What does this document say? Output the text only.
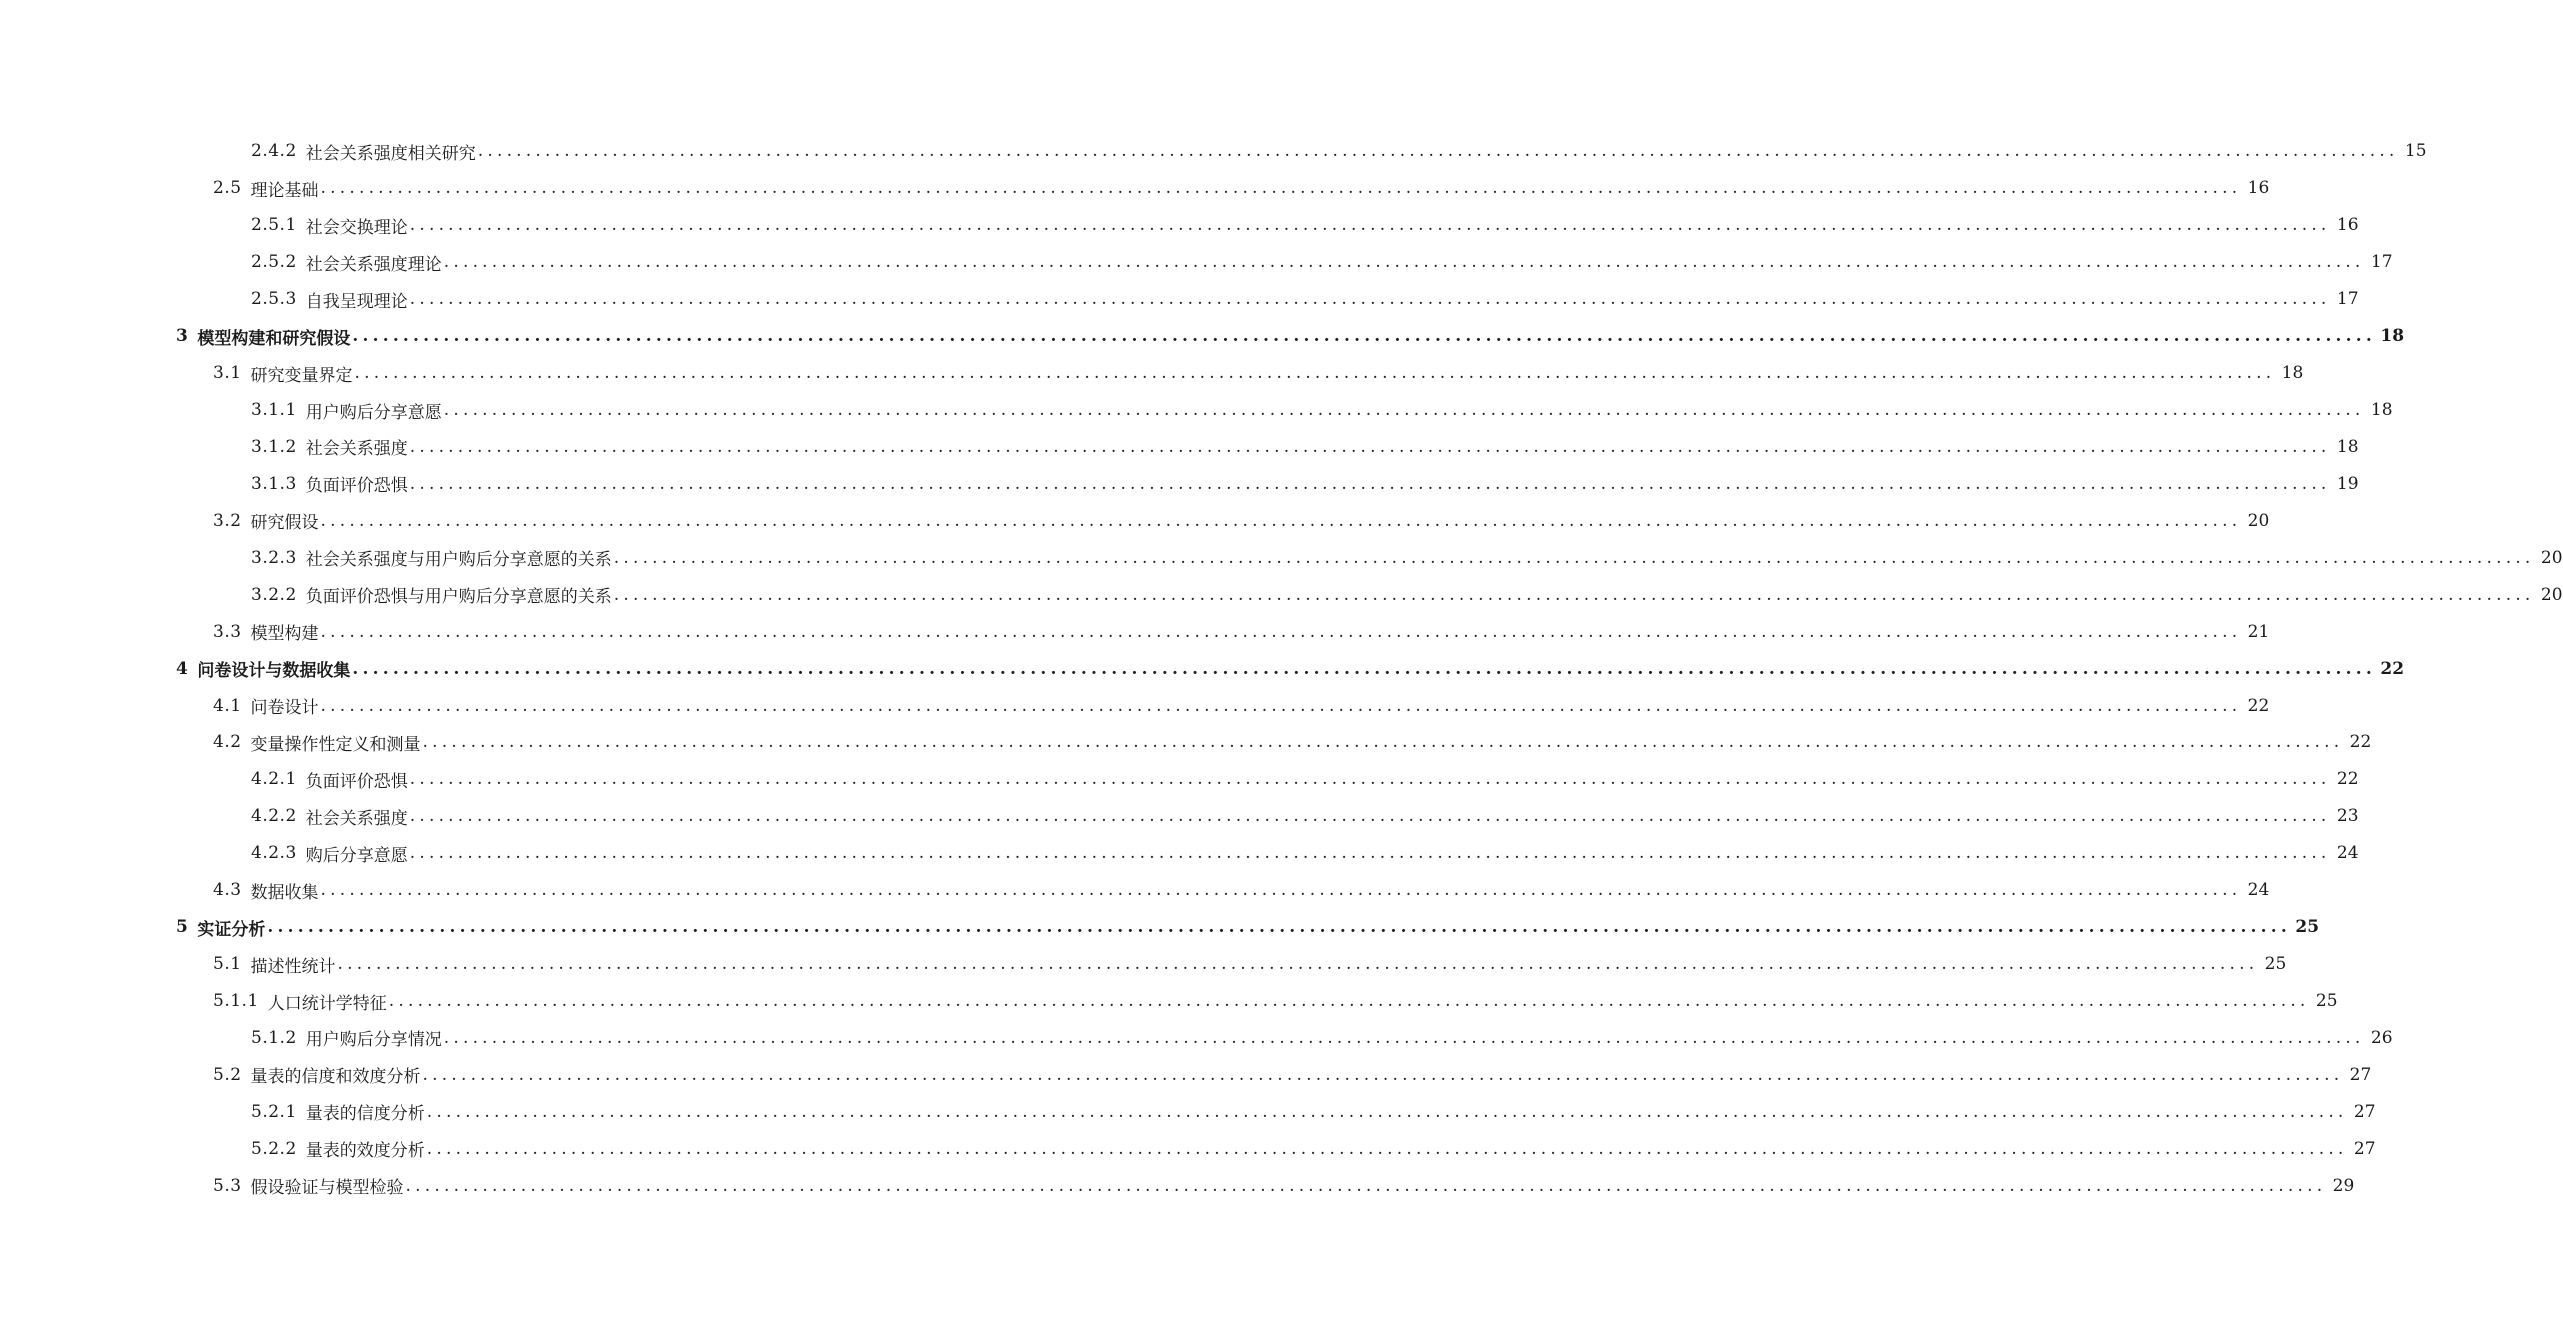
2.4.2 社会关系强度相关研究 ........................................................................................................................................................................................................ 15
2.5 理论基础 ........................................................................................................................................................................................................ 16
2.5.1 社会交换理论 ........................................................................................................................................................................................................ 16
2.5.2 社会关系强度理论 ........................................................................................................................................................................................................ 17
2.5.3 自我呈现理论 ........................................................................................................................................................................................................ 17
3 模型构建和研究假设 ........................................................................................................................................................................................................ 18
3.1 研究变量界定 ........................................................................................................................................................................................................ 18
3.1.1 用户购后分享意愿 ........................................................................................................................................................................................................ 18
3.1.2 社会关系强度 ........................................................................................................................................................................................................ 18
3.1.3 负面评价恐惧 ........................................................................................................................................................................................................ 19
3.2 研究假设 ........................................................................................................................................................................................................ 20
3.2.3 社会关系强度与用户购后分享意愿的关系 ........................................................................................................................................................................................................ 20
3.2.2 负面评价恐惧与用户购后分享意愿的关系 ........................................................................................................................................................................................................ 20
3.3 模型构建 ........................................................................................................................................................................................................ 21
4 问卷设计与数据收集 ........................................................................................................................................................................................................ 22
4.1 问卷设计 ........................................................................................................................................................................................................ 22
4.2 变量操作性定义和测量 ........................................................................................................................................................................................................ 22
4.2.1 负面评价恐惧 ........................................................................................................................................................................................................ 22
4.2.2 社会关系强度 ........................................................................................................................................................................................................ 23
4.2.3 购后分享意愿 ........................................................................................................................................................................................................ 24
4.3 数据收集 ........................................................................................................................................................................................................ 24
5 实证分析 ........................................................................................................................................................................................................ 25
5.1 描述性统计 ........................................................................................................................................................................................................ 25
5.1.1 人口统计学特征 ........................................................................................................................................................................................................ 25
5.1.2 用户购后分享情况 ........................................................................................................................................................................................................ 26
5.2 量表的信度和效度分析 ........................................................................................................................................................................................................ 27
5.2.1 量表的信度分析 ........................................................................................................................................................................................................ 27
5.2.2 量表的效度分析 ........................................................................................................................................................................................................ 27
5.3 假设验证与模型检验 ........................................................................................................................................................................................................ 29
